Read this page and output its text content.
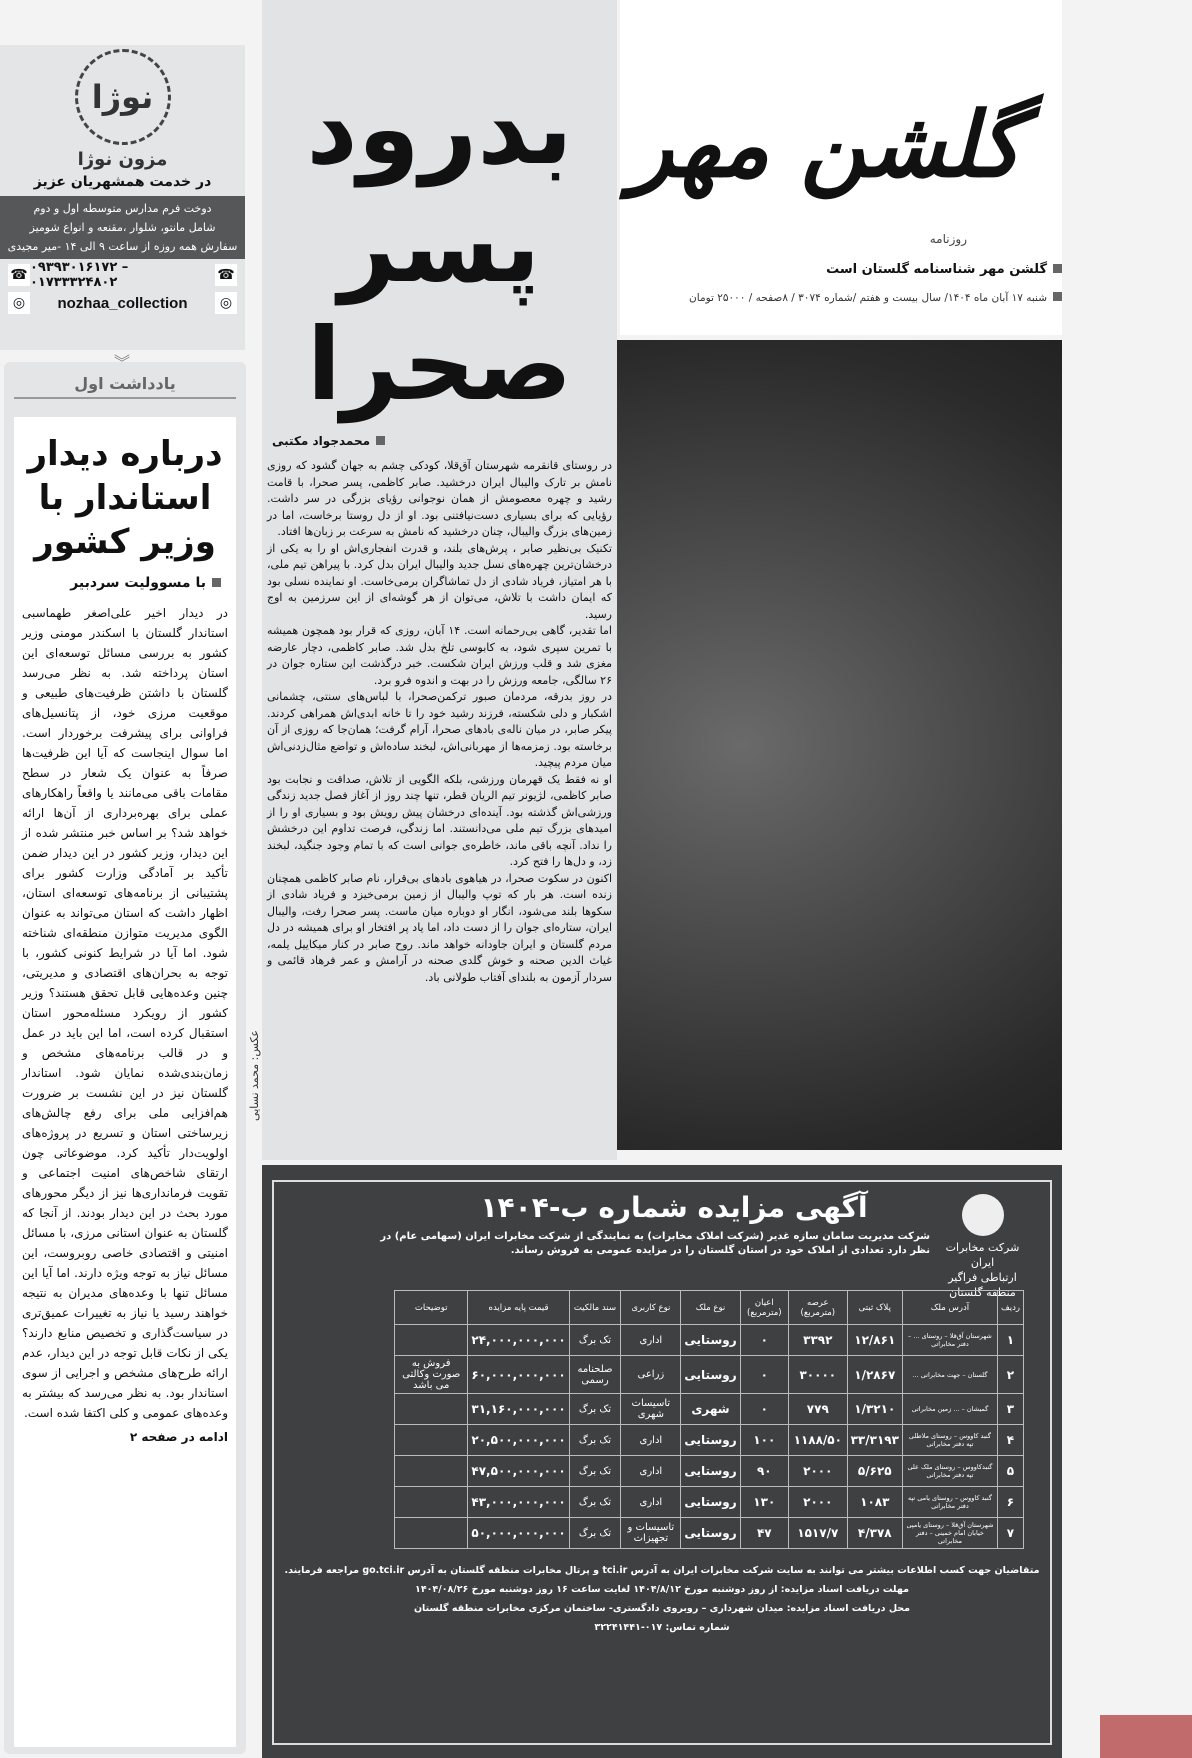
نوژا
مزون نوژا
در خدمت همشهریان عزیز
دوخت فرم مدارس متوسطه اول و دوم
شامل مانتو، شلوار ،مقنعه و انواع شومیز
سفارش همه روزه از ساعت ۹ الی ۱۴ -میر مجیدی
☎ ۰۹۳۹۳۰۱۶۱۷۲ – ۰۱۷۳۳۳۲۴۸۰۲	☎
◎	nozhaa_collection	◎
︾
یادداشت اول
درباره دیدار استاندار با وزیر کشور
با مسوولیت سردبیر
در دیدار اخیر علی‌اصغر طهماسبی استاندار گلستان با اسکندر مومنی وزیر کشور به بررسی مسائل توسعه‌ای این استان پرداخته شد. به نظر می‌رسد گلستان با داشتن ظرفیت‌های طبیعی و موقعیت مرزی خود، از پتانسیل‌های فراوانی برای پیشرفت برخوردار است. اما سوال اینجاست که آیا این ظرفیت‌ها صرفاً به عنوان یک شعار در سطح مقامات باقی می‌مانند یا واقعاً راهکارهای عملی برای بهره‌برداری از آن‌ها ارائه خواهد شد؟ بر اساس خبر منتشر شده از این دیدار، وزیر کشور در این دیدار ضمن تأکید بر آمادگی وزارت کشور برای پشتیبانی از برنامه‌های توسعه‌ای استان، اظهار داشت که استان می‌تواند به عنوان الگوی مدیریت متوازن منطقه‌ای شناخته شود. اما آیا در شرایط کنونی کشور، با توجه به بحران‌های اقتصادی و مدیریتی، چنین وعده‌هایی قابل تحقق هستند؟ وزیر کشور از رویکرد مسئله‌محور استان استقبال کرده است، اما این باید در عمل و در قالب برنامه‌های مشخص و زمان‌بندی‌شده نمایان شود. استاندار گلستان نیز در این نشست بر ضرورت هم‌افزایی ملی برای رفع چالش‌های زیرساختی استان و تسریع در پروژه‌های اولویت‌دار تأکید کرد. موضوعاتی چون ارتقای شاخص‌های امنیت اجتماعی و تقویت فرمانداری‌ها نیز از دیگر محورهای مورد بحث در این دیدار بودند. از آنجا که گلستان به عنوان استانی مرزی، با مسائل امنیتی و اقتصادی خاصی روبروست، این مسائل نیاز به توجه ویژه دارند. اما آیا این مسائل تنها با وعده‌های مدیران به نتیجه خواهند رسید یا نیاز به تغییرات عمیق‌تری در سیاست‌گذاری و تخصیص منابع دارند؟ یکی از نکات قابل توجه در این دیدار، عدم ارائه طرح‌های مشخص و اجرایی از سوی استاندار بود. به نظر می‌رسد که بیشتر به وعده‌های عمومی و کلی اکتفا شده است.
ادامه در صفحه ۲
گلشن مهر
روزنامه
گلشن مهر شناسنامه گلستان است
شنبه ۱۷ آبان ماه ۱۴۰۴/ سال بیست و هفتم /شماره ۳۰۷۴ / ۸صفحه / ۲۵۰۰۰ تومان
عکس: محمد نسایی
بدرود
پسر
صحرا
محمدجواد مکتبی

در روستای قانقرمه شهرستان آق‌قلا، کودکی چشم به جهان گشود که روزی نامش بر تارک والیبال ایران درخشید. صابر کاظمی، پسر صحرا، با قامت رشید و چهره معصومش از همان نوجوانی رؤیای بزرگی در سر داشت. رؤیایی که برای بسیاری دست‌نیافتنی بود. او از دل روستا برخاست، اما در زمین‌های بزرگ والیبال، چنان درخشید که نامش به سرعت بر زبان‌ها افتاد.

تکنیک بی‌نظیر صابر ، پرش‌های بلند، و قدرت انفجاری‌اش او را به یکی از درخشان‌ترین چهره‌های نسل جدید والیبال ایران بدل کرد. با پیراهن تیم ملی، با هر امتیاز، فریاد شادی از دل تماشاگران برمی‌خاست. او نماینده نسلی بود که ایمان داشت با تلاش، می‌توان از هر گوشه‌ای از این سرزمین به اوج رسید.

اما تقدیر، گاهی بی‌رحمانه است. ۱۴ آبان، روزی که قرار بود همچون همیشه با تمرین سپری شود، به کابوسی تلخ بدل شد. صابر کاظمی، دچار عارضه مغزی شد و قلب ورزش ایران شکست. خبر درگذشت این ستاره جوان در ۲۶ سالگی، جامعه ورزش را در بهت و اندوه فرو برد.

در روز بدرقه، مردمان صبور ترکمن‌صحرا، با لباس‌های سنتی، چشمانی اشکبار و دلی شکسته، فرزند رشید خود را تا خانه ابدی‌اش همراهی کردند. پیکر صابر، در میان ناله‌ی بادهای صحرا، آرام گرفت؛ همان‌جا که روزی از آن برخاسته بود. زمزمه‌ها از مهربانی‌اش، لبخند ساده‌اش و تواضع مثال‌زدنی‌اش میان مردم پیچید.

او نه فقط یک قهرمان ورزشی، بلکه الگویی از تلاش، صداقت و نجابت بود صابر کاظمی، لژیونر تیم الریان قطر، تنها چند روز از آغاز فصل جدید زندگی ورزشی‌اش گذشته بود. آینده‌ای درخشان پیش رویش بود و بسیاری او را از امیدهای بزرگ تیم ملی می‌دانستند. اما زندگی، فرصت تداوم این درخشش را نداد. آنچه باقی ماند، خاطره‌ی جوانی است که با تمام وجود جنگید، لبخند زد، و دل‌ها را فتح کرد.

اکنون در سکوت صحرا، در هیاهوی بادهای بی‌قرار، نام صابر کاظمی همچنان زنده است. هر بار که توپ والیبال از زمین برمی‌خیزد و فریاد شادی از سکوها بلند می‌شود، انگار او دوباره میان ماست. پسر صحرا رفت، والیبال ایران، ستاره‌ای جوان را از دست داد، اما یاد پر افتخار او برای همیشه در دل مردم گلستان و ایران جاودانه خواهد ماند. روح صابر در کنار میکاییل یلمه، غیاث الدین صحنه و خوش گلدی صحنه در آرامش و عمر فرهاد قائمی و سردار آزمون به بلندای آفتاب طولانی باد.

شرکت مخابرات ایران
ارتباطی فراگیر منطقه گلستان
آگهی مزایده شماره ب-۱۴۰۴
شرکت مدیریت سامان سازه غدیر (شرکت املاک مخابرات) به نمایندگی از شرکت مخابرات ایران (سهامی عام) در نظر دارد تعدادی از املاک خود در استان گلستان را در مزایده عمومی به فروش رساند.
ردیف	آدرس ملک	پلاک ثبتی	عرصه (مترمربع)	اعیان (مترمربع)	نوع ملک	نوع کاربری	سند مالکیت	قیمت پایه مزایده	توضیحات
۱	شهرستان آق‌قلا – روستای ... – دفتر مخابراتی	۱۲/۸۶۱	۳۳۹۲	۰	روستایی	اداری	تک برگ	۲۴,۰۰۰,۰۰۰,۰۰۰	
۲	گلستان – جهت مخابراتی ...	۱/۲۸۶۷	۳۰۰۰۰	۰	روستایی	زراعی	صلحنامه رسمی	۶۰,۰۰۰,۰۰۰,۰۰۰	فروش به صورت وکالتی می باشد
۳	گمیشان – ... زمین مخابراتی	۱/۳۲۱۰	۷۷۹	۰	شهری	تاسیسات شهری	تک برگ	۳۱,۱۶۰,۰۰۰,۰۰۰	
۴	گنبد کاووس – روستای ملاطلی تپه دفتر مخابراتی	۳۳/۳۱۹۳	۱۱۸۸/۵۰	۱۰۰	روستایی	اداری	تک برگ	۲۰,۵۰۰,۰۰۰,۰۰۰	
۵	گنبدکاووس – روستای ملک علی تپه دفتر مخابراتی	۵/۶۲۵	۲۰۰۰	۹۰	روستایی	اداری	تک برگ	۴۷,۵۰۰,۰۰۰,۰۰۰	
۶	گنبد کاووس – روستای یامی تپه دفتر مخابراتی	۱۰۸۳	۲۰۰۰	۱۳۰	روستایی	اداری	تک برگ	۴۳,۰۰۰,۰۰۰,۰۰۰	
۷	شهرستان آق‌قلا – روستای یامپی خیابان امام خمینی – دفتر مخابراتی	۴/۳۷۸	۱۵۱۷/۷	۴۷	روستایی	تاسیسات و تجهیزات	تک برگ	۵۰,۰۰۰,۰۰۰,۰۰۰	
متقاضیان جهت کسب اطلاعات بیشتر می توانند به سایت شرکت مخابرات ایران به آدرس tci.ir و پرتال مخابرات منطقه گلستان به آدرس go.tci.ir مراجعه فرمایند.
مهلت دریافت اسناد مزایده: از روز دوشنبه مورخ ۱۴۰۴/۸/۱۲ لغایت ساعت ۱۶ روز دوشنبه مورخ ۱۴۰۴/۰۸/۲۶
محل دریافت اسناد مزایده: میدان شهرداری – روبروی دادگستری- ساختمان مرکزی مخابرات منطقه گلستان
شماره تماس: ۰۱۷-۳۲۲۴۱۴۴۱
